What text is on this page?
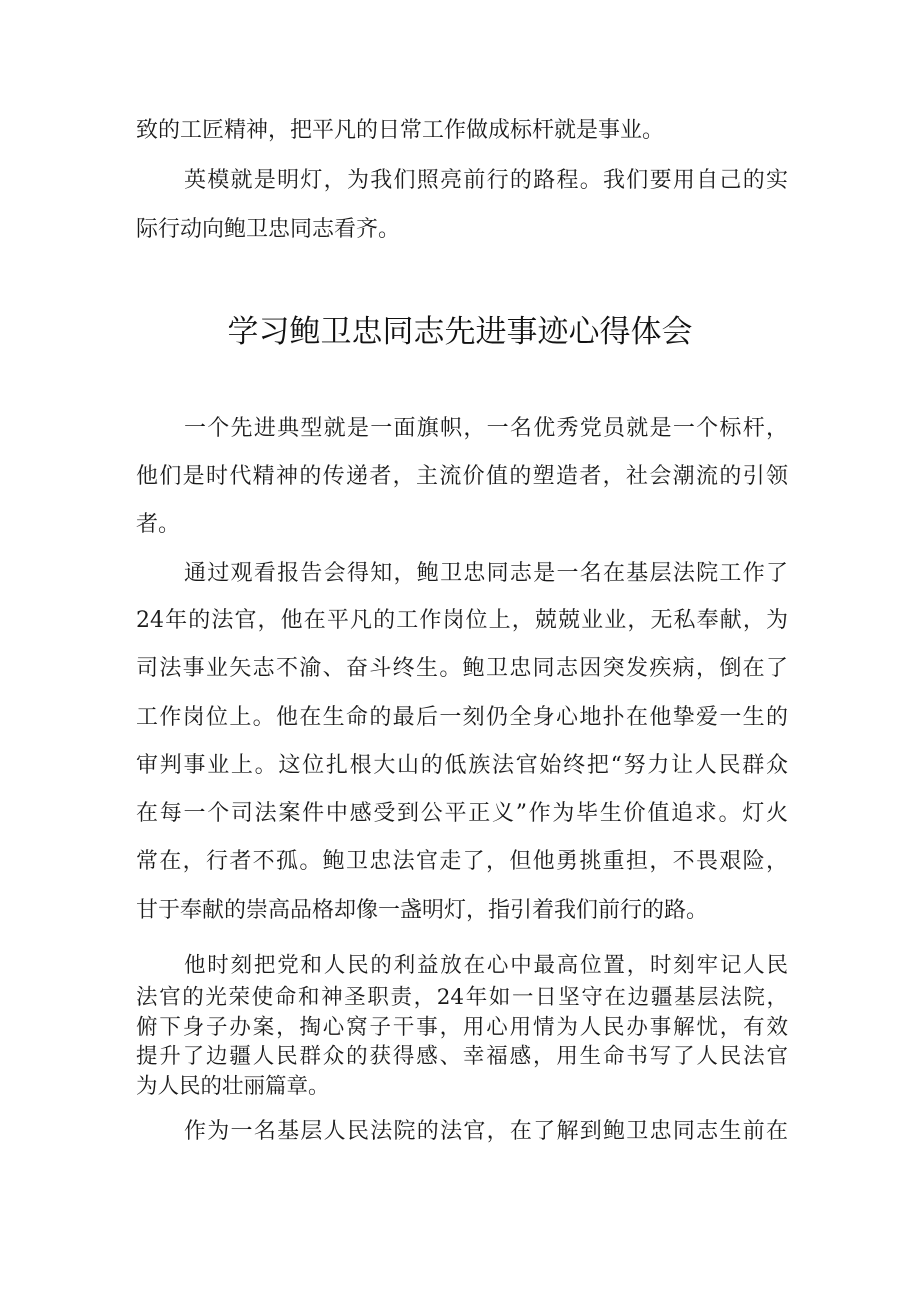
致的工匠精神，把平凡的日常工作做成标杆就是事业。

英模就是明灯，为我们照亮前行的路程。我们要用自己的实

际行动向鲍卫忠同志看齐。

学习鲍卫忠同志先进事迹心得体会

一个先进典型就是一面旗帜，一名优秀党员就是一个标杆，

他们是时代精神的传递者，主流价值的塑造者，社会潮流的引领

者。

通过观看报告会得知，鲍卫忠同志是一名在基层法院工作了

24年的法官，他在平凡的工作岗位上，兢兢业业，无私奉献，为

司法事业矢志不渝、奋斗终生。鲍卫忠同志因突发疾病，倒在了

工作岗位上。他在生命的最后一刻仍全身心地扑在他挚爱一生的

审判事业上。这位扎根大山的低族法官始终把“努力让人民群众

在每一个司法案件中感受到公平正义”作为毕生价值追求。灯火

常在，行者不孤。鲍卫忠法官走了，但他勇挑重担，不畏艰险，

甘于奉献的崇高品格却像一盏明灯，指引着我们前行的路。

他时刻把党和人民的利益放在心中最高位置，时刻牢记人民

法官的光荣使命和神圣职责，24年如一日坚守在边疆基层法院，

俯下身子办案，掏心窝子干事，用心用情为人民办事解忧，有效

提升了边疆人民群众的获得感、幸福感，用生命书写了人民法官

为人民的壮丽篇章。

作为一名基层人民法院的法官，在了解到鲍卫忠同志生前在
